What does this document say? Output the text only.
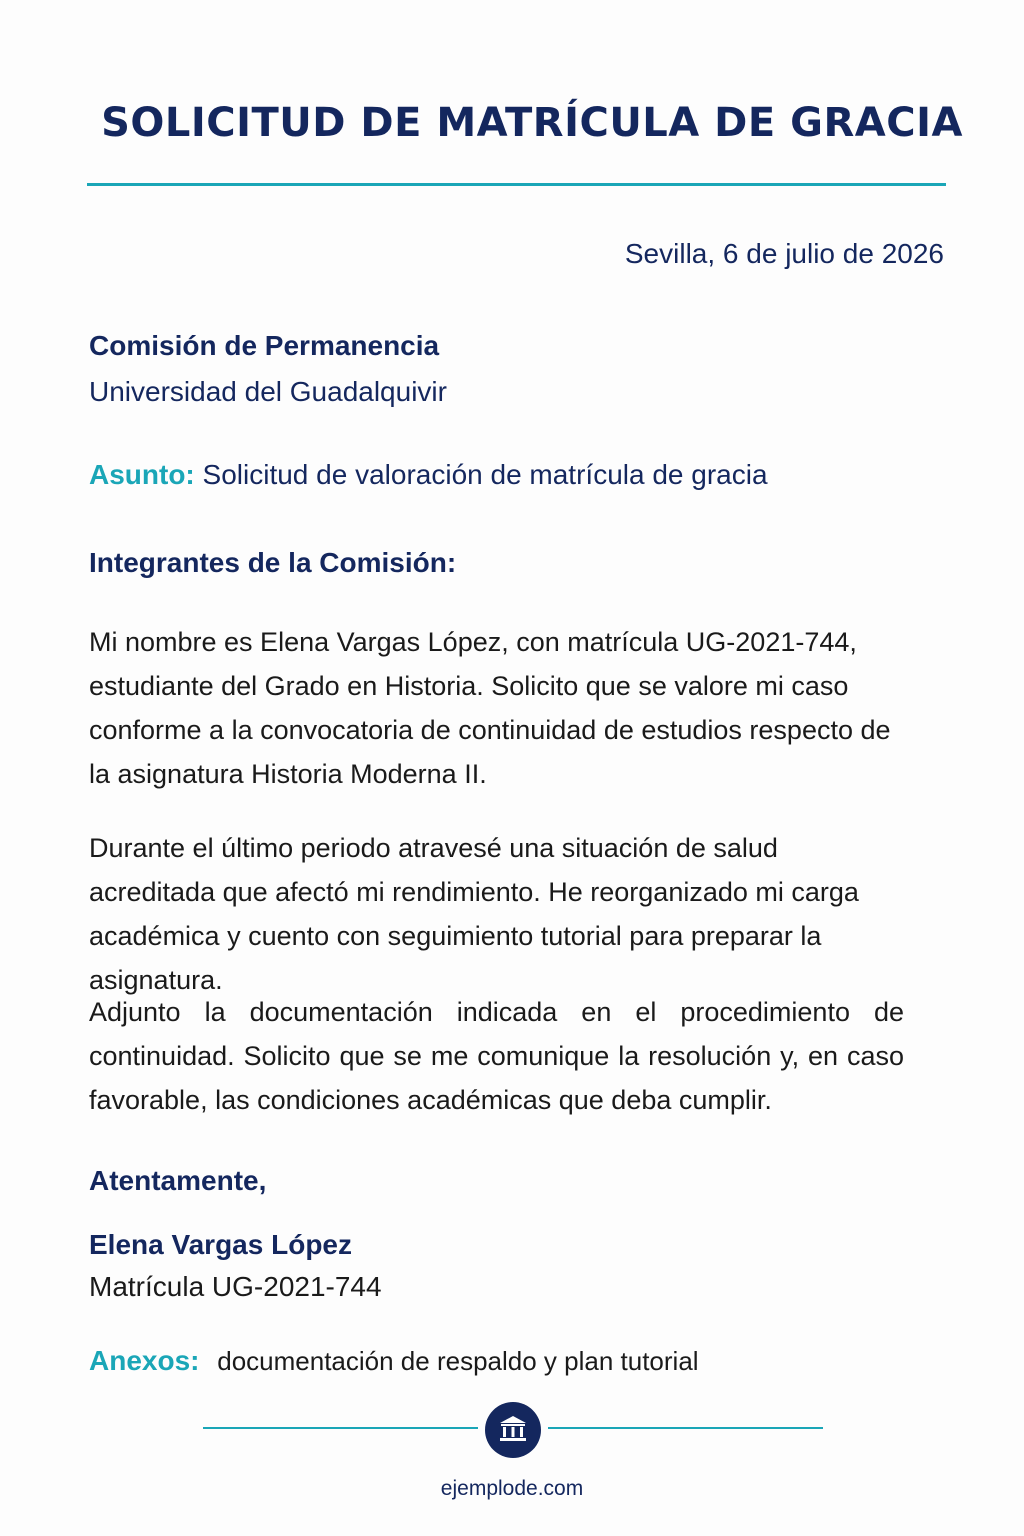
SOLICITUD DE MATRÍCULA DE GRACIA
Sevilla, 6 de julio de 2026
Comisión de Permanencia
Universidad del Guadalquivir
Asunto: Solicitud de valoración de matrícula de gracia
Integrantes de la Comisión:

Mi nombre es Elena Vargas López, con matrícula UG-2021-744, estudiante del Grado en Historia. Solicito que se valore mi caso conforme a la convocatoria de continuidad de estudios respecto de la asignatura Historia Moderna II.

Durante el último periodo atravesé una situación de salud acreditada que afectó mi rendimiento. He reorganizado mi carga académica y cuento con seguimiento tutorial para preparar la asignatura.

Adjunto la documentación indicada en el procedimiento de continuidad. Solicito que se me comunique la resolución y, en caso favorable, las condiciones académicas que deba cumplir.

Atentamente,
Elena Vargas López
Matrícula UG-2021-744
Anexos: documentación de respaldo y plan tutorial
ejemplode.com
